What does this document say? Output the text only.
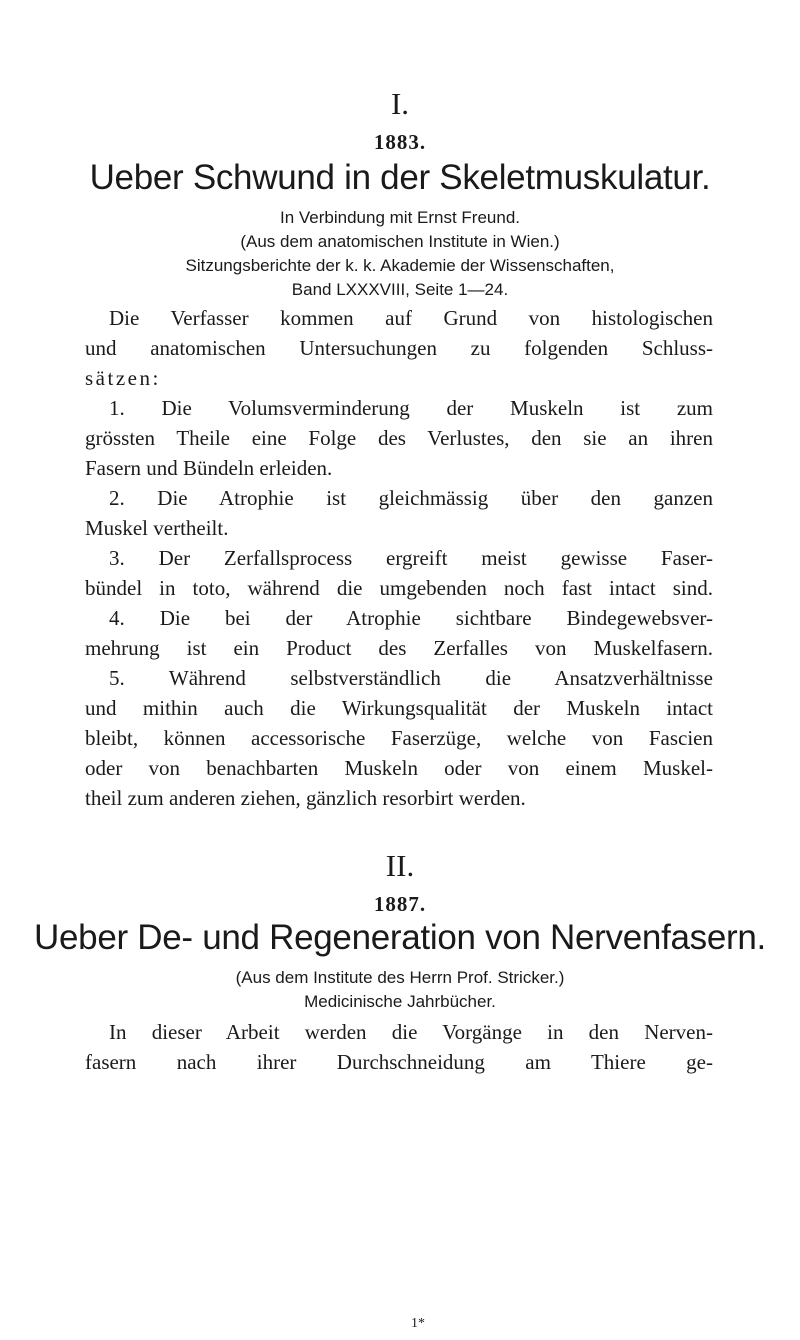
I.
1883.
Ueber Schwund in der Skeletmuskulatur.
In Verbindung mit Ernst Freund.
(Aus dem anatomischen Institute in Wien.)
Sitzungsberichte der k. k. Akademie der Wissenschaften,
Band LXXXVIII, Seite 1—24.
Die Verfasser kommen auf Grund von histologischen
und anatomischen Untersuchungen zu folgenden Schluss-
sätzen:
1. Die Volumsverminderung der Muskeln ist zum
grössten Theile eine Folge des Verlustes, den sie an ihren
Fasern und Bündeln erleiden.
2. Die Atrophie ist gleichmässig über den ganzen
Muskel vertheilt.
3. Der Zerfallsprocess ergreift meist gewisse Faser-
bündel in toto, während die umgebenden noch fast intact sind.
4. Die bei der Atrophie sichtbare Bindegewebsver-
mehrung ist ein Product des Zerfalles von Muskelfasern.
5. Während selbstverständlich die Ansatzverhältnisse
und mithin auch die Wirkungsqualität der Muskeln intact
bleibt, können accessorische Faserzüge, welche von Fascien
oder von benachbarten Muskeln oder von einem Muskel-
theil zum anderen ziehen, gänzlich resorbirt werden.
II.
1887.
Ueber De- und Regeneration von Nervenfasern.
(Aus dem Institute des Herrn Prof. Stricker.)
Medicinische Jahrbücher.
In dieser Arbeit werden die Vorgänge in den Nerven-
fasern nach ihrer Durchschneidung am Thiere ge-
1*
